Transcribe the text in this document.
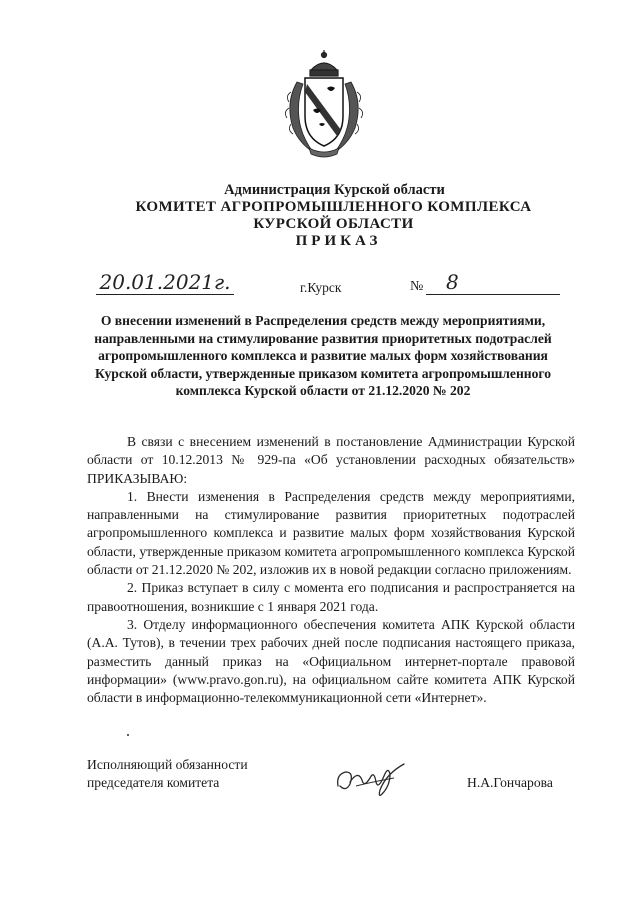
Администрация Курской области
КОМИТЕТ АГРОПРОМЫШЛЕННОГО КОМПЛЕКСА
КУРСКОЙ ОБЛАСТИ
ПРИКАЗ
20.01.2021г.	г.Курск	№	8
О внесении изменений в Распределения средств между мероприятиями, направленными на стимулирование развития приоритетных подотраслей агропромышленного комплекса и развитие малых форм хозяйствования Курской области, утвержденные приказом комитета агропромышленного комплекса Курской области от 21.12.2020 № 202

В связи с внесением изменений в постановление Администрации Курской области от 10.12.2013 № 929-па «Об установлении расходных обязательств» ПРИКАЗЫВАЮ:

1. Внести изменения в Распределения средств между мероприятиями, направленными на стимулирование развития приоритетных подотраслей агропромышленного комплекса и развитие малых форм хозяйствования Курской области, утвержденные приказом комитета агропромышленного комплекса Курской области от 21.12.2020 № 202, изложив их в новой редакции согласно приложениям.

2. Приказ вступает в силу с момента его подписания и распространяется на правоотношения, возникшие с 1 января 2021 года.

3. Отделу информационного обеспечения комитета АПК Курской области (А.А. Тутов), в течении трех рабочих дней после подписания настоящего приказа, разместить данный приказ на «Официальном интернет-портале правовой информации» (www.pravo.gon.ru), на официальном сайте комитета АПК Курской области в информационно-телекоммуникационной сети «Интернет».

Исполняющий обязанности
председателя комитета	Н.А.Гончарова
